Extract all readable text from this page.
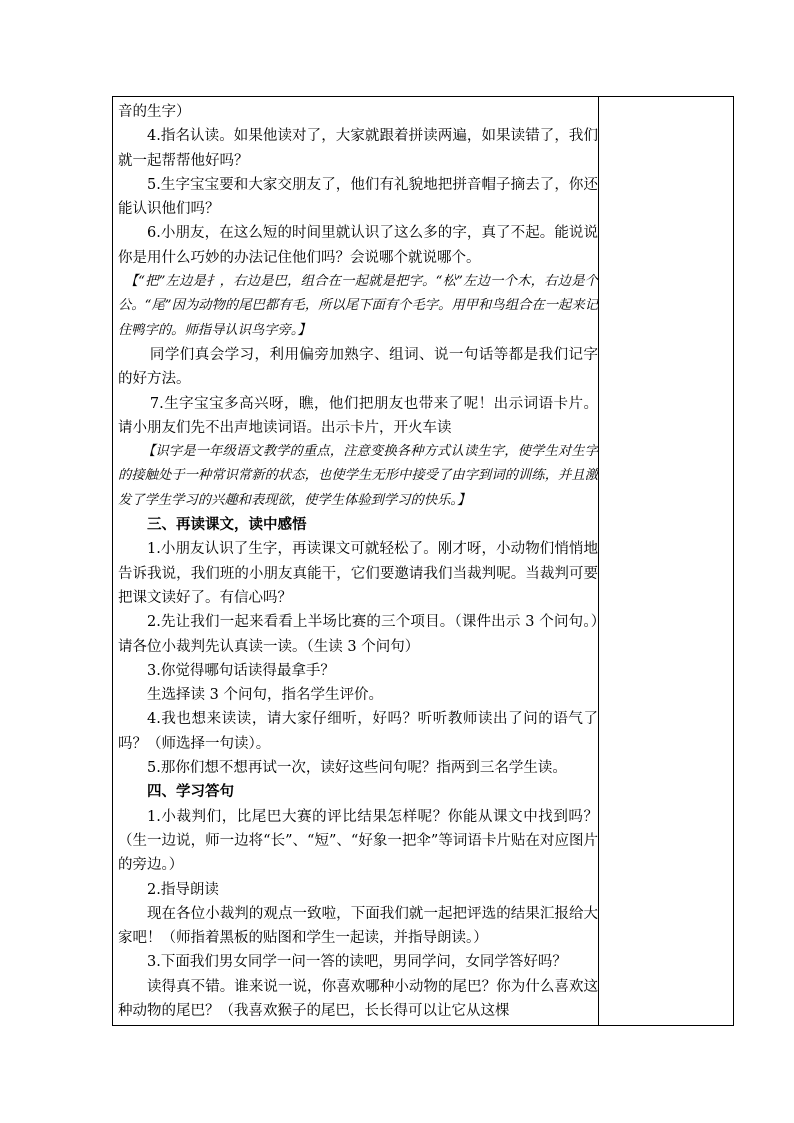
音的生字）

4.指名认读。如果他读对了，大家就跟着拼读两遍，如果读错了，我们就一起帮帮他好吗？

5.生字宝宝要和大家交朋友了，他们有礼貌地把拼音帽子摘去了，你还能认识他们吗？

6.小朋友，在这么短的时间里就认识了这么多的字，真了不起。能说说你是用什么巧妙的办法记住他们吗？会说哪个就说哪个。

【“把”左边是扌，右边是巴，组合在一起就是把字。“松”左边一个木，右边是个公。“尾”因为动物的尾巴都有毛，所以尾下面有个毛字。用甲和鸟组合在一起来记住鸭字的。师指导认识鸟字旁。】

同学们真会学习，利用偏旁加熟字、组词、说一句话等都是我们记字的好方法。

7.生字宝宝多高兴呀，瞧，他们把朋友也带来了呢！出示词语卡片。请小朋友们先不出声地读词语。出示卡片，开火车读

【识字是一年级语文教学的重点，注意变换各种方式认读生字，使学生对生字的接触处于一种常识常新的状态，也使学生无形中接受了由字到词的训练，并且激发了学生学习的兴趣和表现欲，使学生体验到学习的快乐。】

三、再读课文，读中感悟

1.小朋友认识了生字，再读课文可就轻松了。刚才呀，小动物们悄悄地告诉我说，我们班的小朋友真能干，它们要邀请我们当裁判呢。当裁判可要把课文读好了。有信心吗？

2.先让我们一起来看看上半场比赛的三个项目。（课件出示 3 个问句。）请各位小裁判先认真读一读。（生读 3 个问句）

3.你觉得哪句话读得最拿手？

生选择读 3 个问句，指名学生评价。

4.我也想来读读，请大家仔细听，好吗？听听教师读出了问的语气了吗？（师选择一句读）。

5.那你们想不想再试一次，读好这些问句呢？指两到三名学生读。

四、学习答句

1.小裁判们，比尾巴大赛的评比结果怎样呢？你能从课文中找到吗？（生一边说，师一边将“长”、“短”、“好象一把伞”等词语卡片贴在对应图片的旁边。）

2.指导朗读

现在各位小裁判的观点一致啦，下面我们就一起把评选的结果汇报给大家吧！（师指着黑板的贴图和学生一起读，并指导朗读。）

3.下面我们男女同学一问一答的读吧，男同学问，女同学答好吗？

读得真不错。谁来说一说，你喜欢哪种小动物的尾巴？你为什么喜欢这种动物的尾巴？（我喜欢猴子的尾巴，长长得可以让它从这棵
